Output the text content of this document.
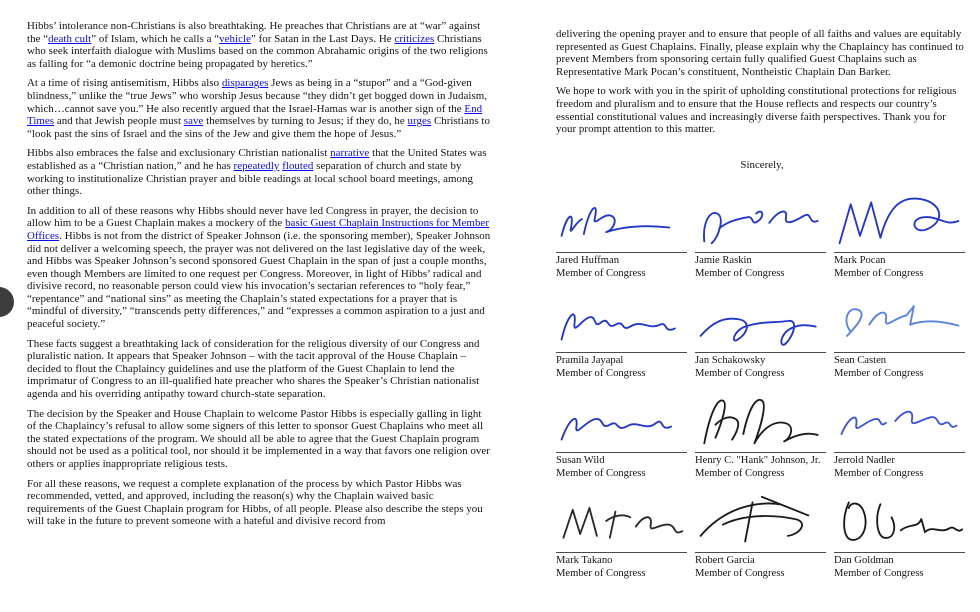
Hibbs’ intolerance non-Christians is also breathtaking. He preaches that Christians are at “war” against the “death cult” of Islam, which he calls a “vehicle” for Satan in the Last Days. He criticizes Christians who seek interfaith dialogue with Muslims based on the common Abrahamic origins of the two religions as falling for “a demonic doctrine being propagated by heretics.”

At a time of rising antisemitism, Hibbs also disparages Jews as being in a “stupor” and a “God-given blindness,” unlike the “true Jews” who worship Jesus because “they didn’t get bogged down in Judaism, which…cannot save you.” He also recently argued that the Israel-Hamas war is another sign of the End Times and that Jewish people must save themselves by turning to Jesus; if they do, he urges Christians to “look past the sins of Israel and the sins of the Jew and give them the hope of Jesus.”

Hibbs also embraces the false and exclusionary Christian nationalist narrative that the United States was established as a “Christian nation,” and he has repeatedly flouted separation of church and state by working to institutionalize Christian prayer and bible readings at local school board meetings, among other things.

In addition to all of these reasons why Hibbs should never have led Congress in prayer, the decision to allow him to be a Guest Chaplain makes a mockery of the basic Guest Chaplain Instructions for Member Offices. Hibbs is not from the district of Speaker Johnson (i.e. the sponsoring member), Speaker Johnson did not deliver a welcoming speech, the prayer was not delivered on the last legislative day of the week, and Hibbs was Speaker Johnson’s second sponsored Guest Chaplain in the span of just a couple months, even though Members are limited to one request per Congress. Moreover, in light of Hibbs’ radical and divisive record, no reasonable person could view his invocation’s sectarian references to “holy fear,” “repentance” and “national sins” as meeting the Chaplain’s stated expectations for a prayer that is “mindful of diversity,” “transcends petty differences,” and “expresses a common aspiration to a just and peaceful society.”

These facts suggest a breathtaking lack of consideration for the religious diversity of our Congress and pluralistic nation. It appears that Speaker Johnson – with the tacit approval of the House Chaplain – decided to flout the Chaplaincy guidelines and use the platform of the Guest Chaplain to lend the imprimatur of Congress to an ill-qualified hate preacher who shares the Speaker’s Christian nationalist agenda and his overriding antipathy toward church-state separation.

The decision by the Speaker and House Chaplain to welcome Pastor Hibbs is especially galling in light of the Chaplaincy’s refusal to allow some signers of this letter to sponsor Guest Chaplains who meet all the stated expectations of the program. We should all be able to agree that the Guest Chaplain program should not be used as a political tool, nor should it be implemented in a way that favors one religion over others or applies inappropriate religious tests.

For all these reasons, we request a complete explanation of the process by which Pastor Hibbs was recommended, vetted, and approved, including the reason(s) why the Chaplain waived basic requirements of the Guest Chaplain program for Hibbs, of all people. Please also describe the steps you will take in the future to prevent someone with a hateful and divisive record from

delivering the opening prayer and to ensure that people of all faiths and values are equitably represented as Guest Chaplains. Finally, please explain why the Chaplaincy has continued to prevent Members from sponsoring certain fully qualified Guest Chaplains such as Representative Mark Pocan’s constituent, Nontheistic Chaplain Dan Barker.

We hope to work with you in the spirit of upholding constitutional protections for religious freedom and pluralism and to ensure that the House reflects and respects our country’s essential constitutional values and increasingly diverse faith perspectives. Thank you for your prompt attention to this matter.

Sincerely,
Jared Huffman
Member of Congress
Jamie Raskin
Member of Congress
Mark Pocan
Member of Congress
Pramila Jayapal
Member of Congress
Jan Schakowsky
Member of Congress
Sean Casten
Member of Congress
Susan Wild
Member of Congress
Henry C. "Hank" Johnson, Jr.
Member of Congress
Jerrold Nadler
Member of Congress
Mark Takano
Member of Congress
Robert Garcia
Member of Congress
Dan Goldman
Member of Congress
